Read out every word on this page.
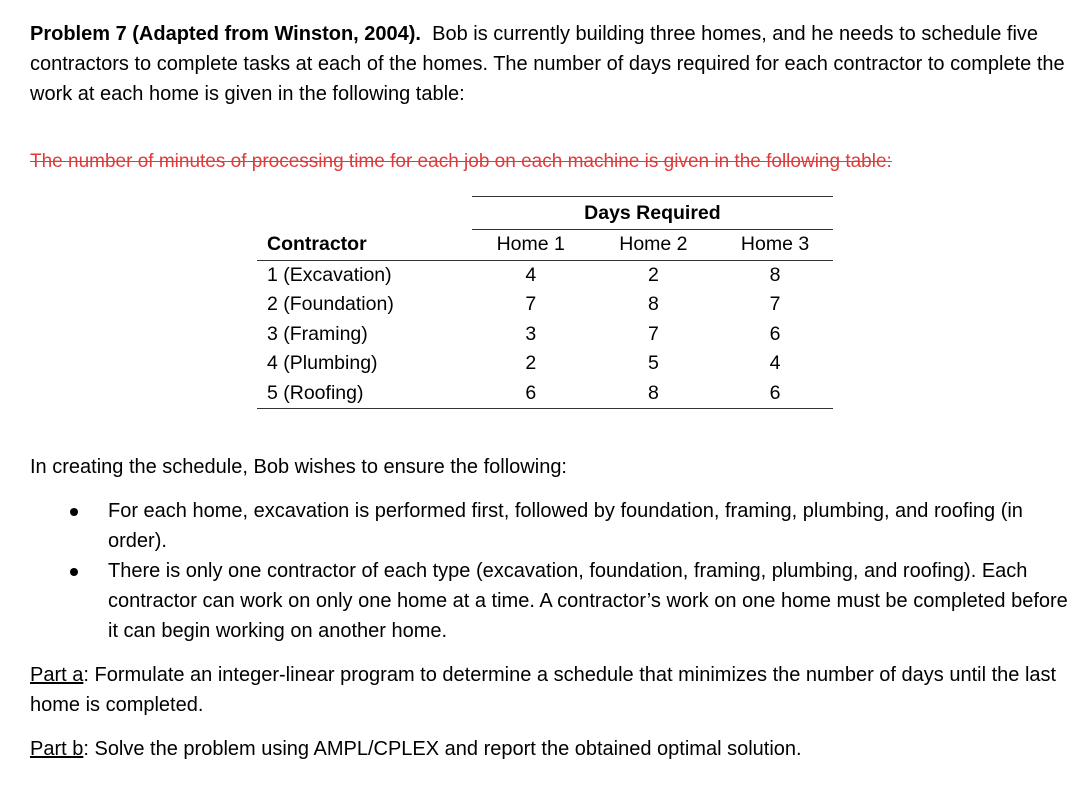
Problem 7 (Adapted from Winston, 2004). Bob is currently building three homes, and he needs to schedule five contractors to complete tasks at each of the homes. The number of days required for each contractor to complete the work at each home is given in the following table:

The number of minutes of processing time for each job on each machine is given in the following table:

	Days Required		
Contractor	Home 1	Home 2	Home 3
1 (Excavation)	4	2	8
2 (Foundation)	7	8	7
3 (Framing)	3	7	6
4 (Plumbing)	2	5	4
5 (Roofing)	6	8	6

In creating the schedule, Bob wishes to ensure the following:

For each home, excavation is performed first, followed by foundation, framing, plumbing, and roofing (in order).
There is only one contractor of each type (excavation, foundation, framing, plumbing, and roofing). Each contractor can work on only one home at a time. A contractor’s work on one home must be completed before it can begin working on another home.

Part a: Formulate an integer-linear program to determine a schedule that minimizes the number of days until the last home is completed.

Part b: Solve the problem using AMPL/CPLEX and report the obtained optimal solution.
